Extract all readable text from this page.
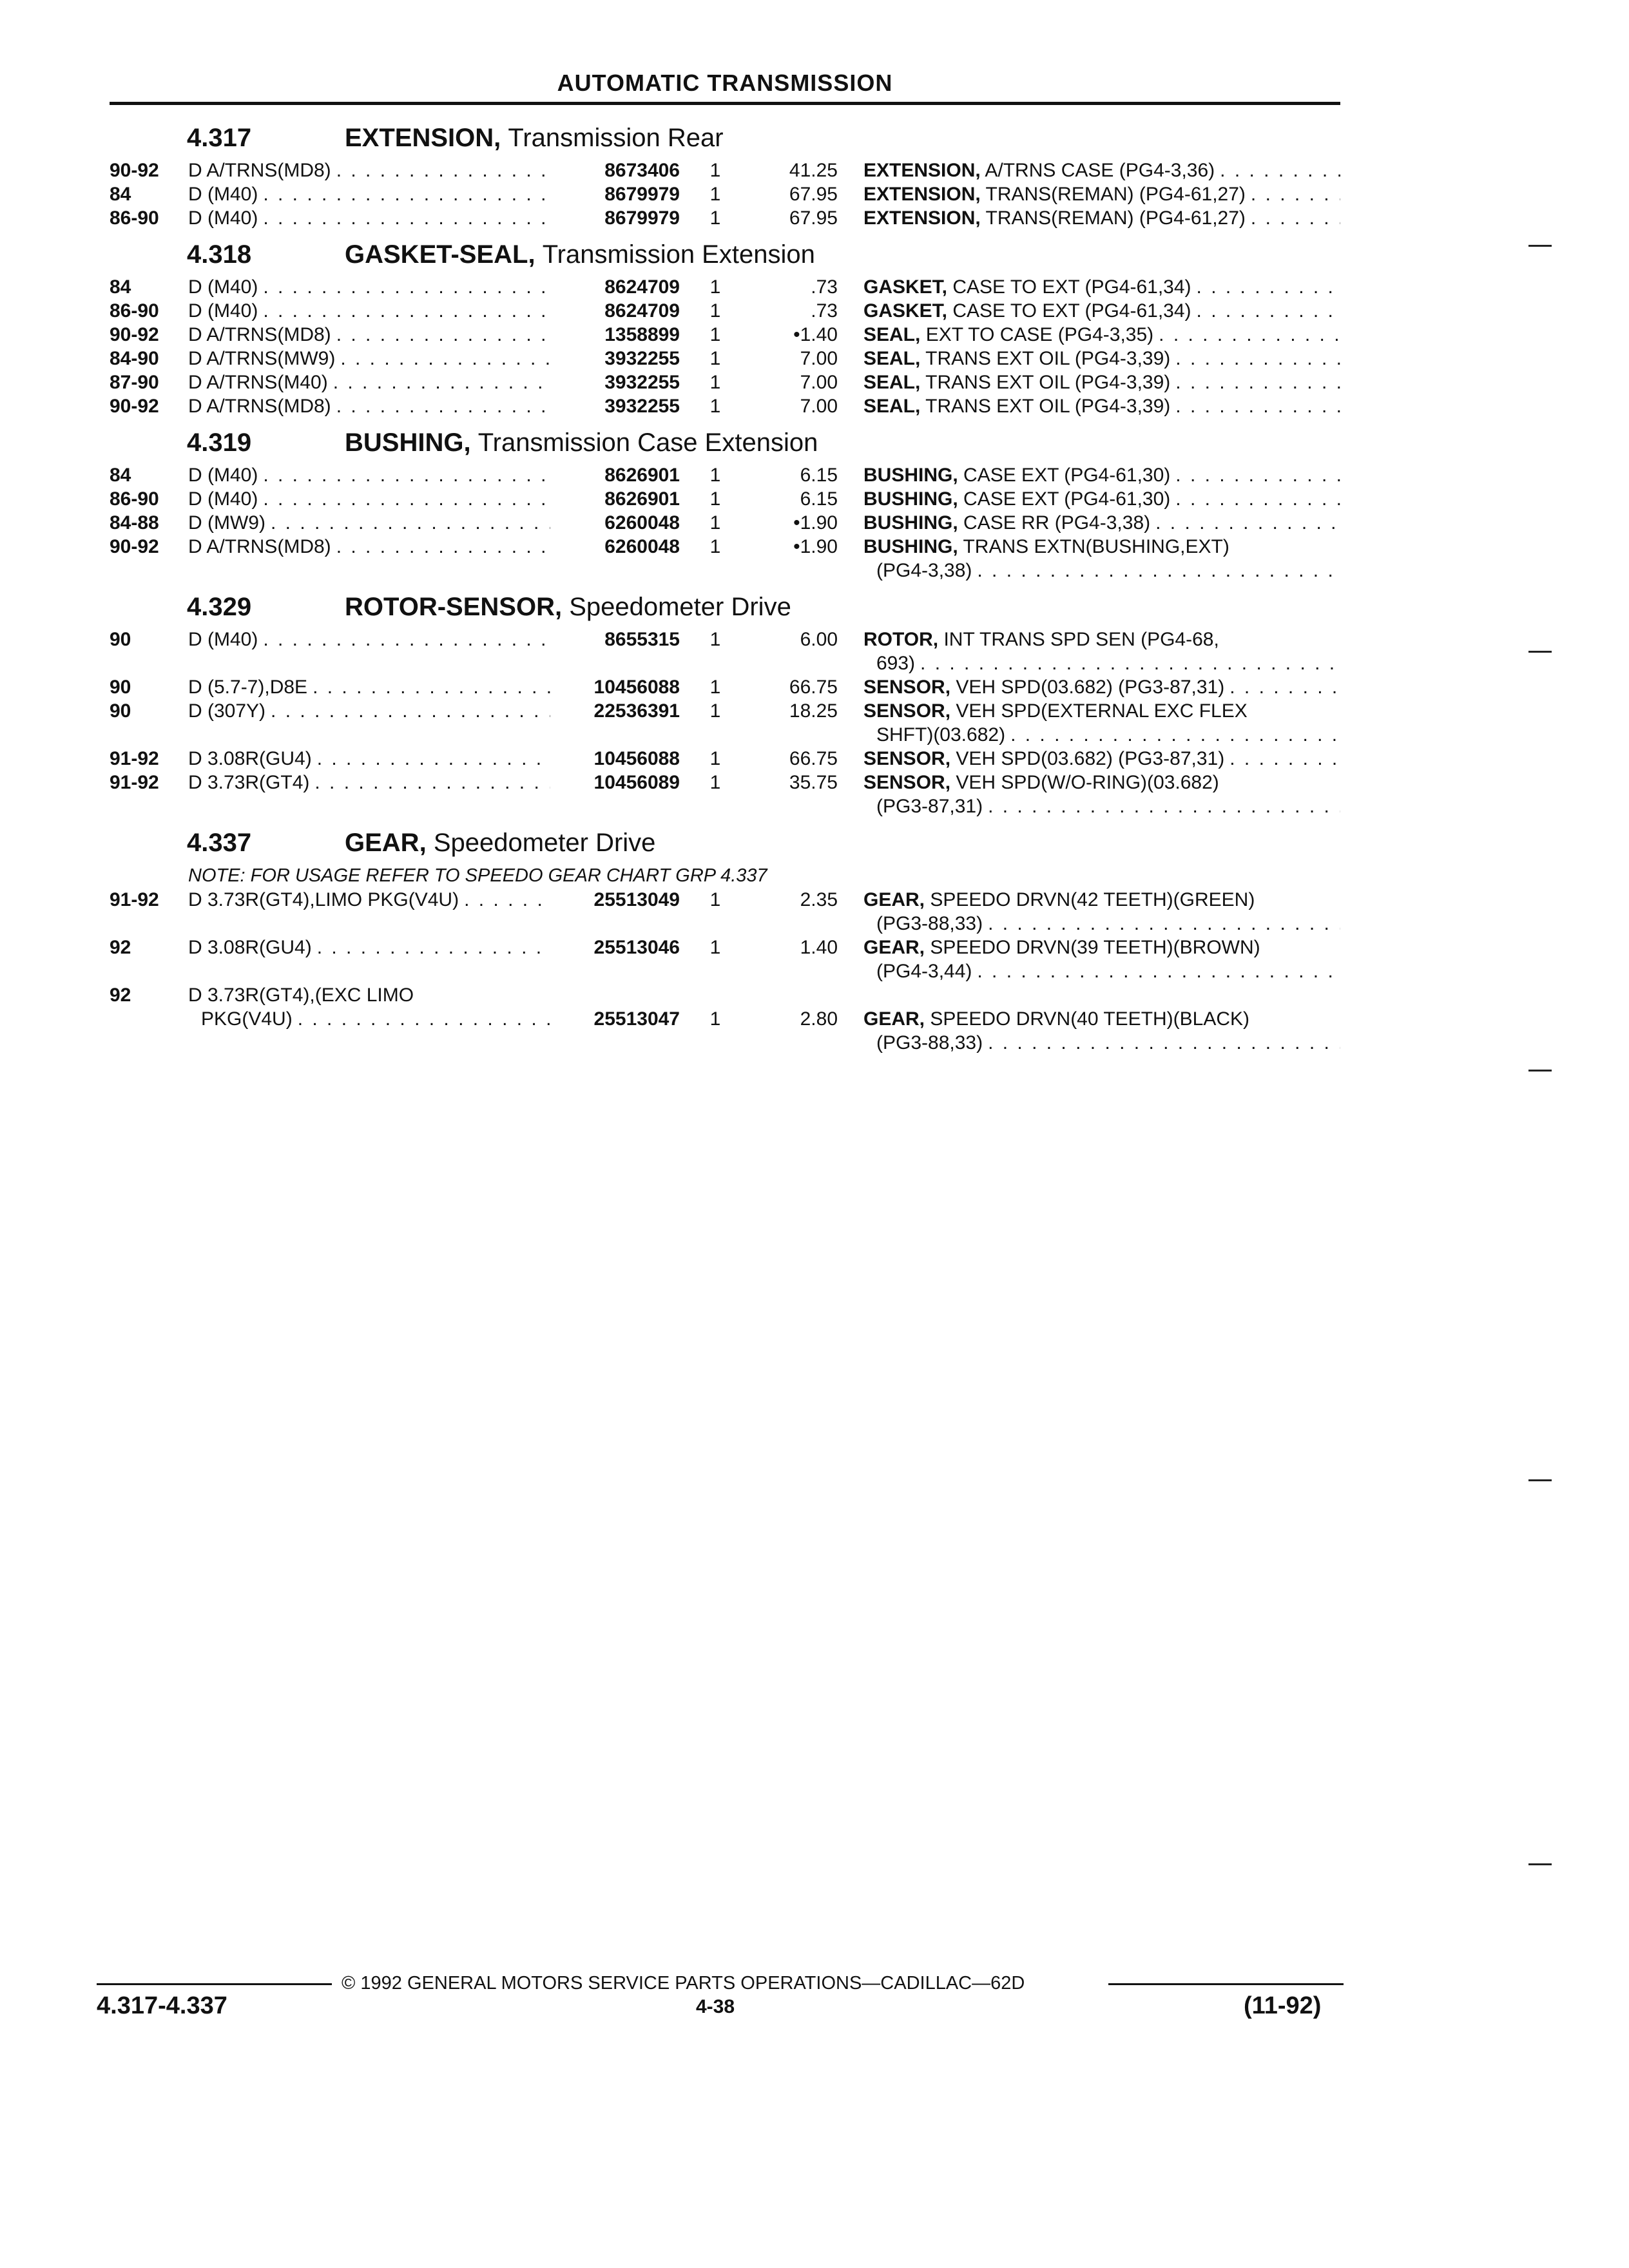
AUTOMATIC TRANSMISSION
4.317	EXTENSION, Transmission Rear
90-92	D A/TRNS(MD8) . . .	8673406	1	41.25 EXTENSION, A/TRNS CASE (PG4-3,36)
. . .
84	D (M40) . . .	8679979	1	67.95 EXTENSION, TRANS(REMAN) (PG4-61,27)
. . .
86-90	D (M40) . . .	8679979	1	67.95 EXTENSION, TRANS(REMAN) (PG4-61,27)
. . .
4.318	GASKET-SEAL, Transmission Extension
84	D (M40) . . .	8624709	1	.73 GASKET, CASE TO EXT (PG4-61,34)
. . .
86-90	D (M40) . . .	8624709	1	.73 GASKET, CASE TO EXT (PG4-61,34)
. . .
90-92	D A/TRNS(MD8) . . .	1358899	1	•1.40 SEAL, EXT TO CASE (PG4-3,35)
. . .
84-90	D A/TRNS(MW9) . . .	3932255	1	7.00 SEAL, TRANS EXT OIL (PG4-3,39)
. . .
87-90	D A/TRNS(M40) . . .	3932255	1	7.00 SEAL, TRANS EXT OIL (PG4-3,39)
. . .
90-92	D A/TRNS(MD8) . . .	3932255	1	7.00 SEAL, TRANS EXT OIL (PG4-3,39)
. . .
4.319	BUSHING, Transmission Case Extension
84	D (M40) . . .	8626901	1	6.15 BUSHING, CASE EXT (PG4-61,30)
. . .
86-90	D (M40) . . .	8626901	1	6.15 BUSHING, CASE EXT (PG4-61,30)
. . .
84-88	D (MW9) . . .	6260048	1	•1.90 BUSHING, CASE RR (PG4-3,38)
. . .
90-92	D A/TRNS(MD8) . . .	6260048	1	•1.90 BUSHING, TRANS EXTN(BUSHING,EXT)
(PG4-3,38)
. . .
4.329	ROTOR-SENSOR, Speedometer Drive
90	D (M40) . . .	8655315	1	6.00 ROTOR, INT TRANS SPD SEN (PG4-68,
693)
. . .
90	D (5.7-7),D8E . . .	10456088	1	66.75 SENSOR, VEH SPD(03.682) (PG3-87,31)
. . .
90	D (307Y) . . .	22536391	1	18.25 SENSOR, VEH SPD(EXTERNAL EXC FLEX
SHFT)(03.682)
. . .
91-92	D 3.08R(GU4) . . .	10456088	1	66.75 SENSOR, VEH SPD(03.682) (PG3-87,31)
. . .
91-92	D 3.73R(GT4) . . .	10456089	1	35.75 SENSOR, VEH SPD(W/O-RING)(03.682)
(PG3-87,31)
. . .
4.337	GEAR, Speedometer Drive
NOTE: FOR USAGE REFER TO SPEEDO GEAR CHART GRP 4.337
91-92	D 3.73R(GT4),LIMO PKG(V4U) . . .	25513049	1	2.35 GEAR, SPEEDO DRVN(42 TEETH)(GREEN)
(PG3-88,33)
. . .
92	D 3.08R(GU4) . . .	25513046	1	1.40 GEAR, SPEEDO DRVN(39 TEETH)(BROWN)
(PG4-3,44)
. . .
92	D 3.73R(GT4),(EXC LIMO
PKG(V4U) . . .	25513047	1	2.80 GEAR, SPEEDO DRVN(40 TEETH)(BLACK)
(PG3-88,33)
. . .
© 1992 GENERAL MOTORS SERVICE PARTS OPERATIONS—CADILLAC—62D
4.317-4.337	4-38	(11-92)
